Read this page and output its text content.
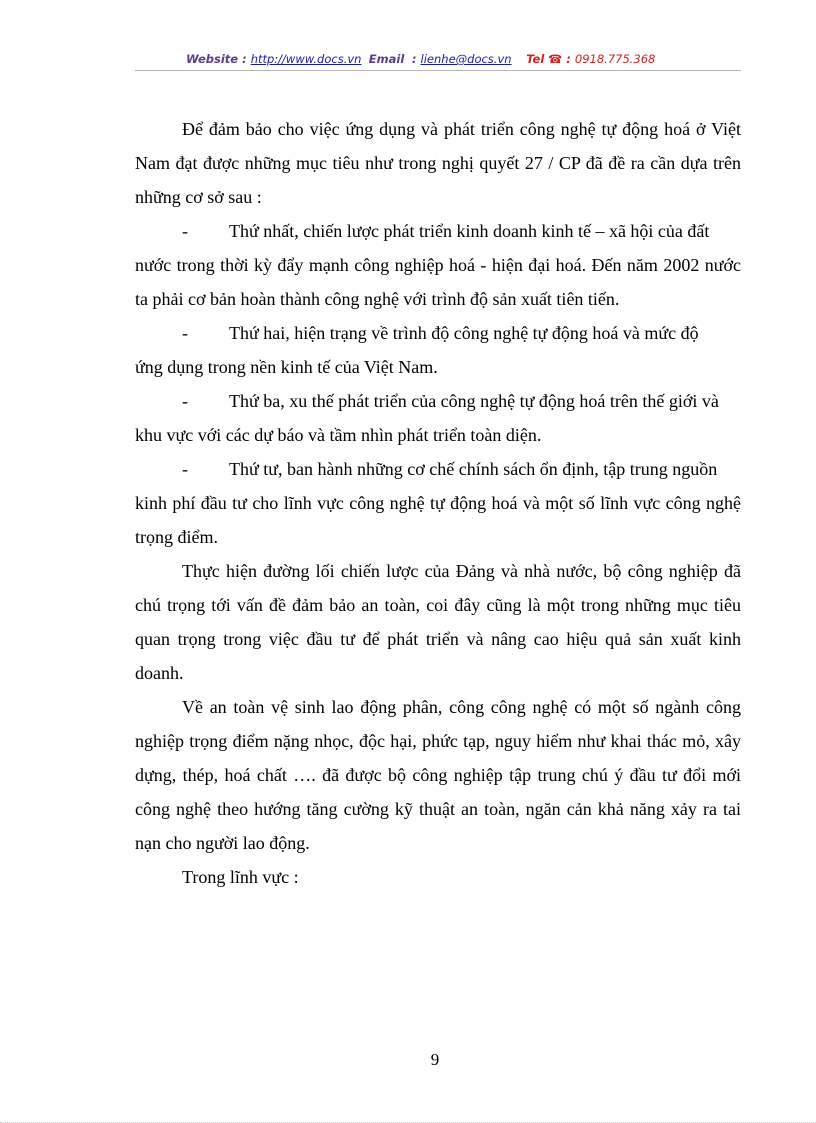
Website : http://www.docs.vn Email  : lienhe@docs.vn Tel ☎ : 0918.775.368

Để đảm bảo cho việc ứng dụng và phát triển công nghệ tự động hoá ở Việt Nam đạt được những mục tiêu như trong nghị quyết 27 / CP đã đề ra cần dựa trên những cơ sở sau :

-	Thứ nhất, chiến lược phát triển kinh doanh kinh tế – xã hội của đất
nước trong thời kỳ đẩy mạnh công nghiệp hoá - hiện đại hoá. Đến năm 2002 nước ta phải cơ bản hoàn thành công nghệ với trình độ sản xuất tiên tiến.

-	Thứ hai, hiện trạng về trình độ công nghệ tự động hoá và mức độ
ứng dụng trong nền kinh tế của Việt Nam.

-	Thứ ba, xu thế phát triển của công nghệ tự động hoá trên thế giới và
khu vực với các dự báo và tầm nhìn phát triển toàn diện.

-	Thứ tư, ban hành những cơ chế chính sách ổn định, tập trung nguồn
kinh phí đầu tư cho lĩnh vực công nghệ tự động hoá và một số lĩnh vực công nghệ trọng điểm.

Thực hiện đường lối chiến lược của Đảng và nhà nước, bộ công nghiệp đã chú trọng tới vấn đề đảm bảo an toàn, coi đây cũng là một trong những mục tiêu quan trọng trong việc đầu tư để phát triển và nâng cao hiệu quả sản xuất kinh doanh.

Về an toàn vệ sinh lao động phân, công công nghệ có một số ngành công nghiệp trọng điểm nặng nhọc, độc hại, phức tạp, nguy hiểm như khai thác mỏ, xây dựng, thép, hoá chất …. đã được bộ công nghiệp tập trung chú ý đầu tư đổi mới công nghệ theo hướng tăng cường kỹ thuật an toàn, ngăn cản khả năng xảy ra tai nạn cho người lao động.

Trong lĩnh vực :

9
